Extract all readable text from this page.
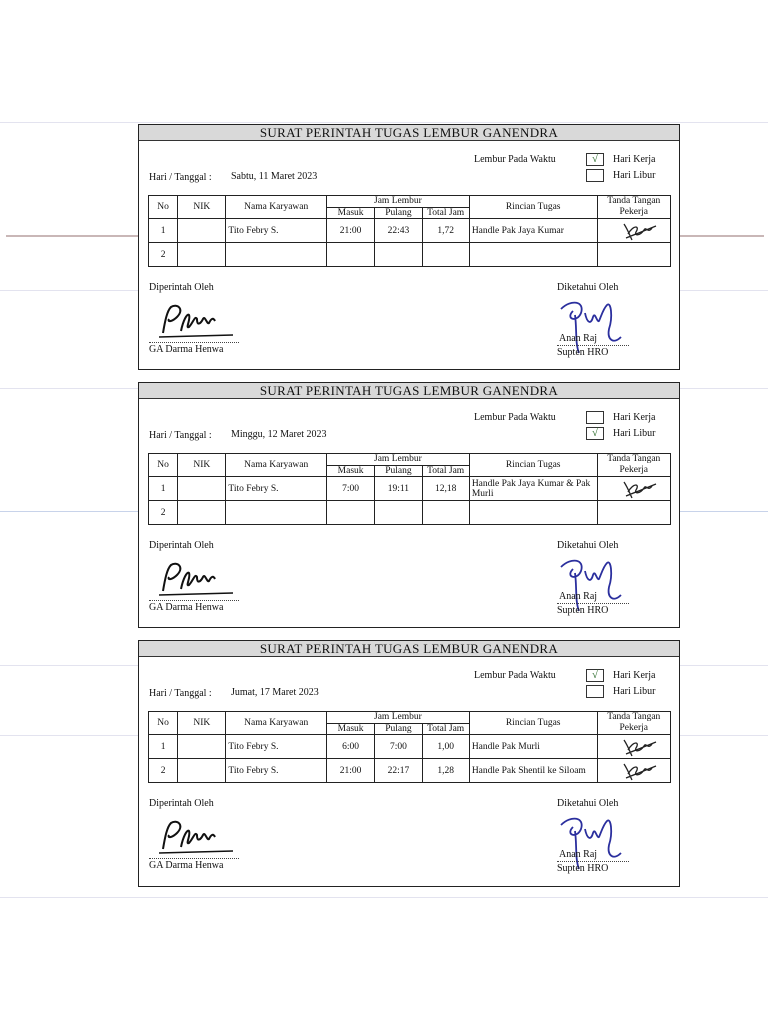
SURAT PERINTAH TUGAS LEMBUR GANENDRA
Lembur Pada Waktu	√	Hari Kerja
Hari Libur
Hari / Tanggal : Sabtu, 11 Maret 2023
No	NIK	Nama Karyawan	Jam Lembur			Rincian Tugas	Tanda Tangan Pekerja
			Masuk	Pulang	Total Jam		
1		Tito Febry S.	21:00	22:43	1,72	Handle Pak Jaya Kumar	

2							
Diperintah Oleh	Diketahui Oleh
GA Darma Henwa
Anan Raj
Supten HRO
SURAT PERINTAH TUGAS LEMBUR GANENDRA
Lembur Pada Waktu	Hari Kerja
√	Hari Libur
Hari / Tanggal : Minggu, 12 Maret 2023
No	NIK	Nama Karyawan	Jam Lembur			Rincian Tugas	Tanda Tangan Pekerja
			Masuk	Pulang	Total Jam		
1		Tito Febry S.	7:00	19:11	12,18	Handle Pak Jaya Kumar & Pak Murli	

2							
Diperintah Oleh	Diketahui Oleh
GA Darma Henwa
Anan Raj
Supten HRO
SURAT PERINTAH TUGAS LEMBUR GANENDRA
Lembur Pada Waktu	√	Hari Kerja
Hari Libur
Hari / Tanggal : Jumat, 17 Maret 2023
No	NIK	Nama Karyawan	Jam Lembur			Rincian Tugas	Tanda Tangan Pekerja
			Masuk	Pulang	Total Jam		
1		Tito Febry S.	6:00	7:00	1,00	Handle Pak Murli	

2		Tito Febry S.	21:00	22:17	1,28	Handle Pak Shentil ke Siloam	
Diperintah Oleh	Diketahui Oleh
GA Darma Henwa
Anan Raj
Supten HRO
